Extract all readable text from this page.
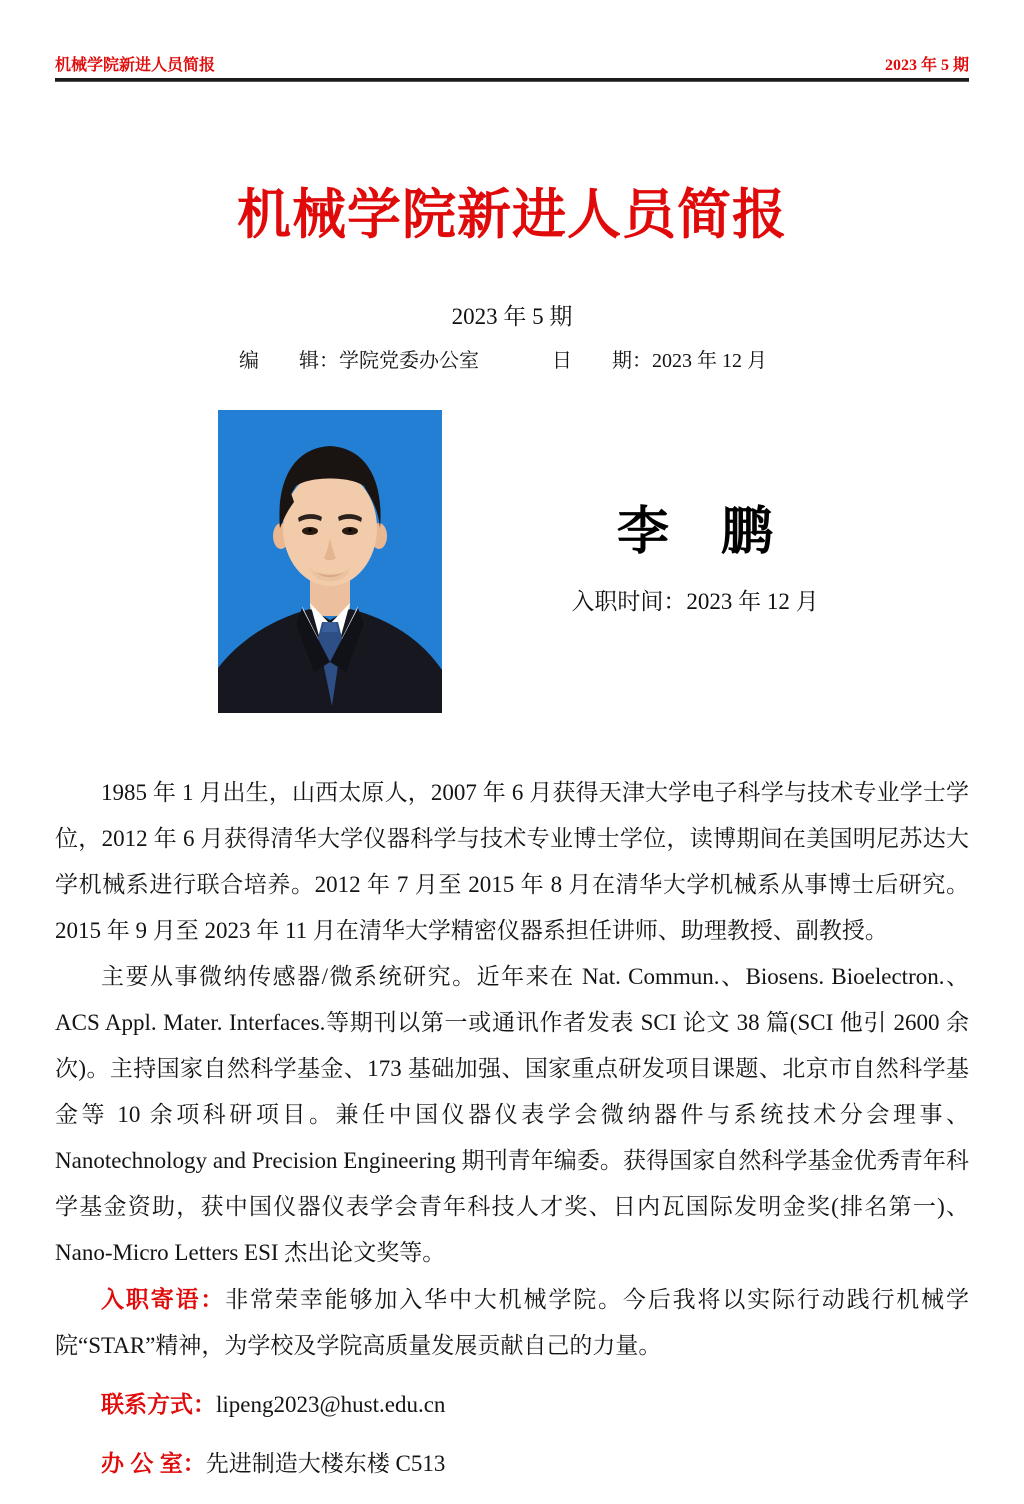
机械学院新进人员简报	2023 年 5 期
机械学院新进人员简报
2023 年 5 期
编　　辑：学院党委办公室	日　　期：2023 年 12 月
李　鹏
入职时间：2023 年 12 月

1985 年 1 月出生，山西太原人，2007 年 6 月获得天津大学电子科学与技术专业学士学位，2012 年 6 月获得清华大学仪器科学与技术专业博士学位，读博期间在美国明尼苏达大学机械系进行联合培养。2012 年 7 月至 2015 年 8 月在清华大学机械系从事博士后研究。2015 年 9 月至 2023 年 11 月在清华大学精密仪器系担任讲师、助理教授、副教授。

主要从事微纳传感器/微系统研究。近年来在 Nat. Commun.、Biosens. Bioelectron.、ACS Appl. Mater. Interfaces.等期刊以第一或通讯作者发表 SCI 论文 38 篇(SCI 他引 2600 余次)。主持国家自然科学基金、173 基础加强、国家重点研发项目课题、北京市自然科学基金等 10 余项科研项目。兼任中国仪器仪表学会微纳器件与系统技术分会理事、Nanotechnology and Precision Engineering 期刊青年编委。获得国家自然科学基金优秀青年科学基金资助，获中国仪器仪表学会青年科技人才奖、日内瓦国际发明金奖(排名第一)、Nano-Micro Letters ESI 杰出论文奖等。

入职寄语：非常荣幸能够加入华中大机械学院。今后我将以实际行动践行机械学院“STAR”精神，为学校及学院高质量发展贡献自己的力量。

联系方式：lipeng2023@hust.edu.cn

办 公 室：先进制造大楼东楼 C513
